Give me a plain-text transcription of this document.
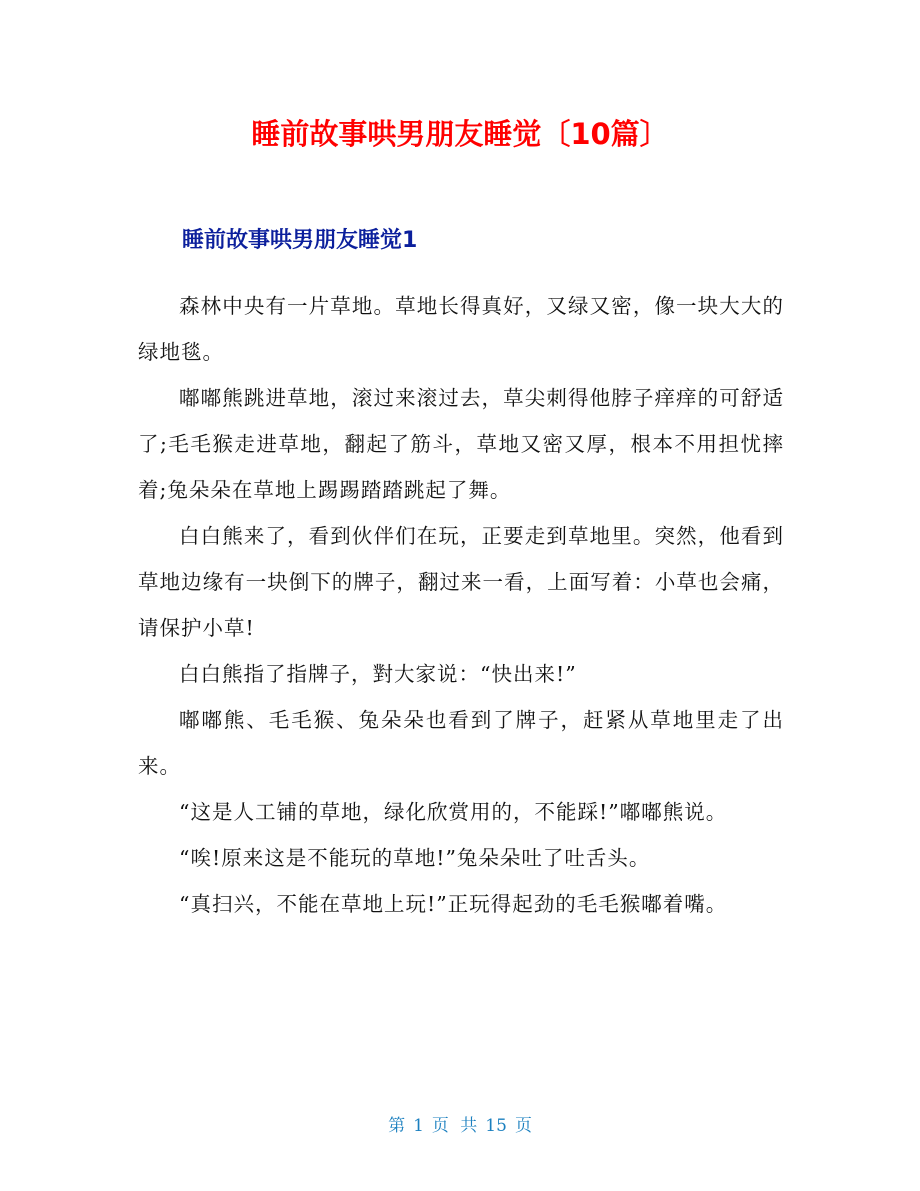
睡前故事哄男朋友睡觉〔10篇〕
睡前故事哄男朋友睡觉1

森林中央有一片草地。草地长得真好，又绿又密，像一块大大的绿地毯。

嘟嘟熊跳进草地，滚过来滚过去，草尖刺得他脖子痒痒的可舒适了;毛毛猴走进草地，翻起了筋斗，草地又密又厚，根本不用担忧摔着;兔朵朵在草地上踢踢踏踏跳起了舞。

白白熊来了，看到伙伴们在玩，正要走到草地里。突然，他看到草地边缘有一块倒下的牌子，翻过来一看，上面写着：小草也会痛，请保护小草!

白白熊指了指牌子，對大家说：“快出来!”

嘟嘟熊、毛毛猴、兔朵朵也看到了牌子，赶紧从草地里走了出来。

“这是人工铺的草地，绿化欣赏用的，不能踩!”嘟嘟熊说。

“唉!原来这是不能玩的草地!”兔朵朵吐了吐舌头。

“真扫兴，不能在草地上玩!”正玩得起劲的毛毛猴嘟着嘴。

第 1 页 共 15 页
